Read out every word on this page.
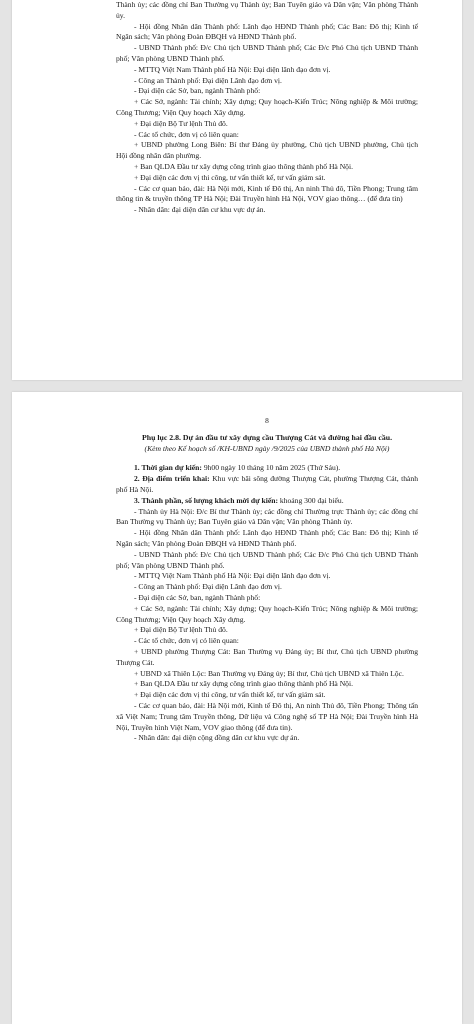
Thành ủy; các đồng chí Ban Thường vụ Thành ủy; Ban Tuyên giáo và Dân vận; Văn phòng Thành ủy.

- Hội đồng Nhân dân Thành phố: Lãnh đạo HĐND Thành phố; Các Ban: Đô thị; Kinh tế Ngân sách; Văn phòng Đoàn ĐBQH và HĐND Thành phố.

- UBND Thành phố: Đ/c Chủ tịch UBND Thành phố; Các Đ/c Phó Chủ tịch UBND Thành phố; Văn phòng UBND Thành phố.

- MTTQ Việt Nam Thành phố Hà Nội: Đại diện lãnh đạo đơn vị.

- Công an Thành phố: Đại diện Lãnh đạo đơn vị.

- Đại diện các Sở, ban, ngành Thành phố:

+ Các Sở, ngành: Tài chính; Xây dựng; Quy hoạch-Kiến Trúc; Nông nghiệp & Môi trường; Công Thương; Viện Quy hoạch Xây dựng.

+ Đại diện Bộ Tư lệnh Thủ đô.

- Các tổ chức, đơn vị có liên quan:

+ UBND phường Long Biên: Bí thư Đảng ủy phường, Chủ tịch UBND phường, Chủ tịch Hội đồng nhân dân phường.

+ Ban QLDA Đầu tư xây dựng công trình giao thông thành phố Hà Nội.

+ Đại diện các đơn vị thi công, tư vấn thiết kế, tư vấn giám sát.

- Các cơ quan báo, đài: Hà Nội mới, Kinh tế Đô thị, An ninh Thủ đô, Tiền Phong; Trung tâm thông tin & truyền thông TP Hà Nội; Đài Truyền hình Hà Nội, VOV giao thông… (để đưa tin)

- Nhân dân: đại diện dân cư khu vực dự án.

8

Phụ lục 2.8. Dự án đầu tư xây dựng cầu Thượng Cát và đường hai đầu cầu.

(Kèm theo Kế hoạch số /KH-UBND ngày /9/2025 của UBND thành phố Hà Nội)

1. Thời gian dự kiến: 9h00 ngày 10 tháng 10 năm 2025 (Thứ Sáu).

2. Địa điểm triển khai: Khu vực bãi sông đường Thượng Cát, phường Thượng Cát, thành phố Hà Nội.

3. Thành phần, số lượng khách mời dự kiến: khoảng 300 đại biểu.

- Thành ủy Hà Nội: Đ/c Bí thư Thành ủy; các đồng chí Thường trực Thành ủy; các đồng chí Ban Thường vụ Thành ủy; Ban Tuyên giáo và Dân vận; Văn phòng Thành ủy.

- Hội đồng Nhân dân Thành phố: Lãnh đạo HĐND Thành phố; Các Ban: Đô thị; Kinh tế Ngân sách; Văn phòng Đoàn ĐBQH và HĐND Thành phố.

- UBND Thành phố: Đ/c Chủ tịch UBND Thành phố; Các Đ/c Phó Chủ tịch UBND Thành phố; Văn phòng UBND Thành phố.

- MTTQ Việt Nam Thành phố Hà Nội: Đại diện lãnh đạo đơn vị.

- Công an Thành phố: Đại diện Lãnh đạo đơn vị.

- Đại diện các Sở, ban, ngành Thành phố:

+ Các Sở, ngành: Tài chính; Xây dựng; Quy hoạch-Kiến Trúc; Nông nghiệp & Môi trường; Công Thương; Viện Quy hoạch Xây dựng.

+ Đại diện Bộ Tư lệnh Thủ đô.

- Các tổ chức, đơn vị có liên quan:

+ UBND phường Thượng Cát: Ban Thường vụ Đảng ủy; Bí thư, Chủ tịch UBND phường Thượng Cát.

+ UBND xã Thiên Lộc: Ban Thường vụ Đảng ủy; Bí thư, Chủ tịch UBND xã Thiên Lộc.

+ Ban QLDA Đầu tư xây dựng công trình giao thông thành phố Hà Nội.

+ Đại diện các đơn vị thi công, tư vấn thiết kế, tư vấn giám sát.

- Các cơ quan báo, đài: Hà Nội mới, Kinh tế Đô thị, An ninh Thủ đô, Tiền Phong; Thông tấn xã Việt Nam; Trung tâm Truyền thông, Dữ liệu và Công nghệ số TP Hà Nội; Đài Truyền hình Hà Nội, Truyền hình Việt Nam, VOV giao thông (để đưa tin).

- Nhân dân: đại diện cộng đồng dân cư khu vực dự án.
